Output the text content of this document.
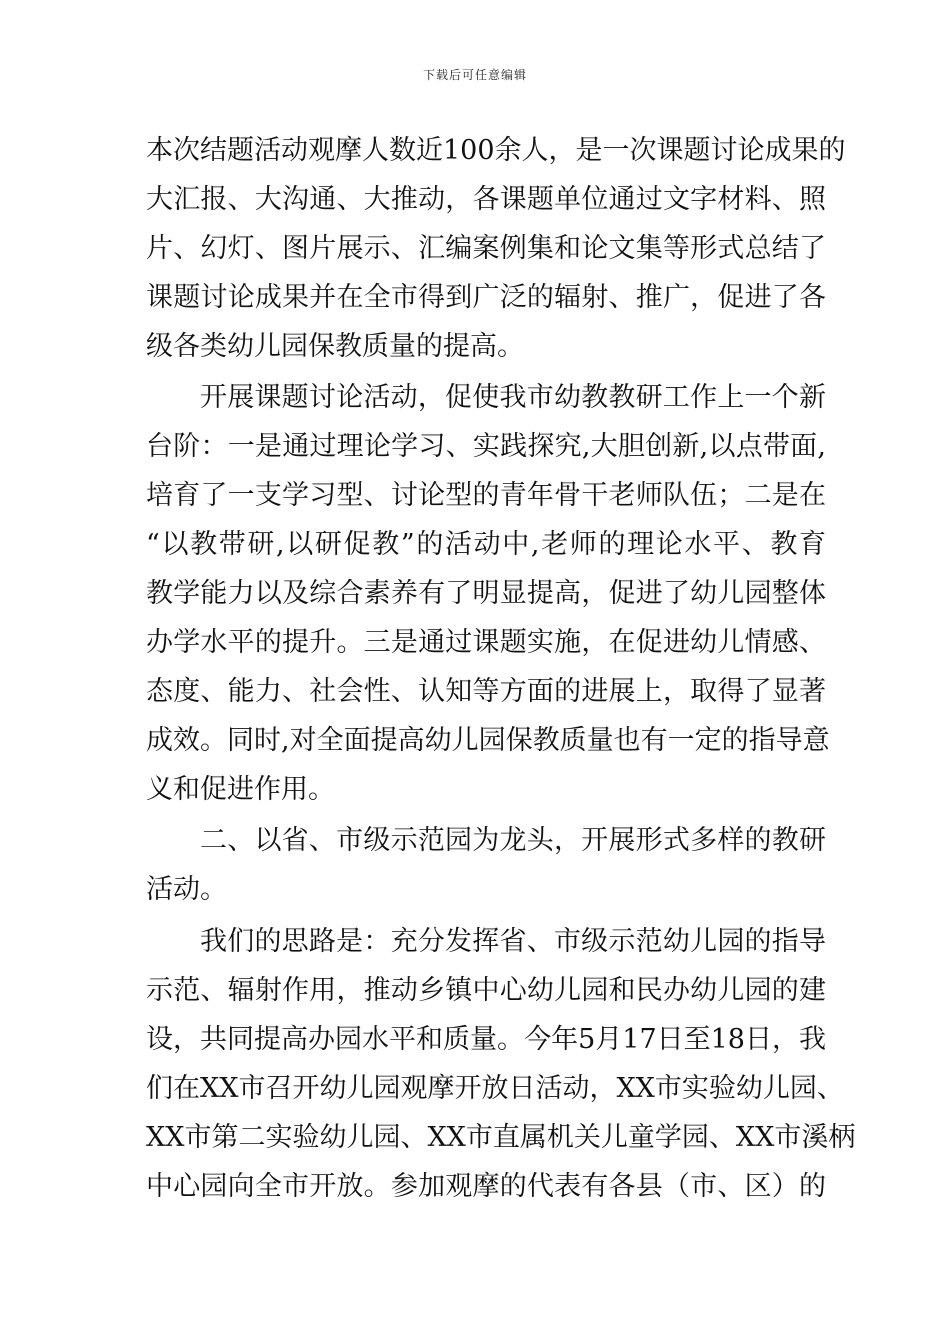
下载后可任意编辑
本次结题活动观摩人数近100余人，是一次课题讨论成果的
大汇报、大沟通、大推动，各课题单位通过文字材料、照
片、幻灯、图片展示、汇编案例集和论文集等形式总结了
课题讨论成果并在全市得到广泛的辐射、推广，促进了各
级各类幼儿园保教质量的提高。
开展课题讨论活动，促使我市幼教教研工作上一个新
台阶：一是通过理论学习、实践探究,大胆创新,以点带面,
培育了一支学习型、讨论型的青年骨干老师队伍；二是在
“以教带研,以研促教”的活动中,老师的理论水平、教育
教学能力以及综合素养有了明显提高，促进了幼儿园整体
办学水平的提升。三是通过课题实施，在促进幼儿情感、
态度、能力、社会性、认知等方面的进展上，取得了显著
成效。同时,对全面提高幼儿园保教质量也有一定的指导意
义和促进作用。
二、以省、市级示范园为龙头，开展形式多样的教研
活动。
我们的思路是：充分发挥省、市级示范幼儿园的指导
示范、辐射作用，推动乡镇中心幼儿园和民办幼儿园的建
设，共同提高办园水平和质量。今年5月17日至18日，我
们在XX市召开幼儿园观摩开放日活动，XX市实验幼儿园、
XX市第二实验幼儿园、XX市直属机关儿童学园、XX市溪柄
中心园向全市开放。参加观摩的代表有各县（市、区）的
